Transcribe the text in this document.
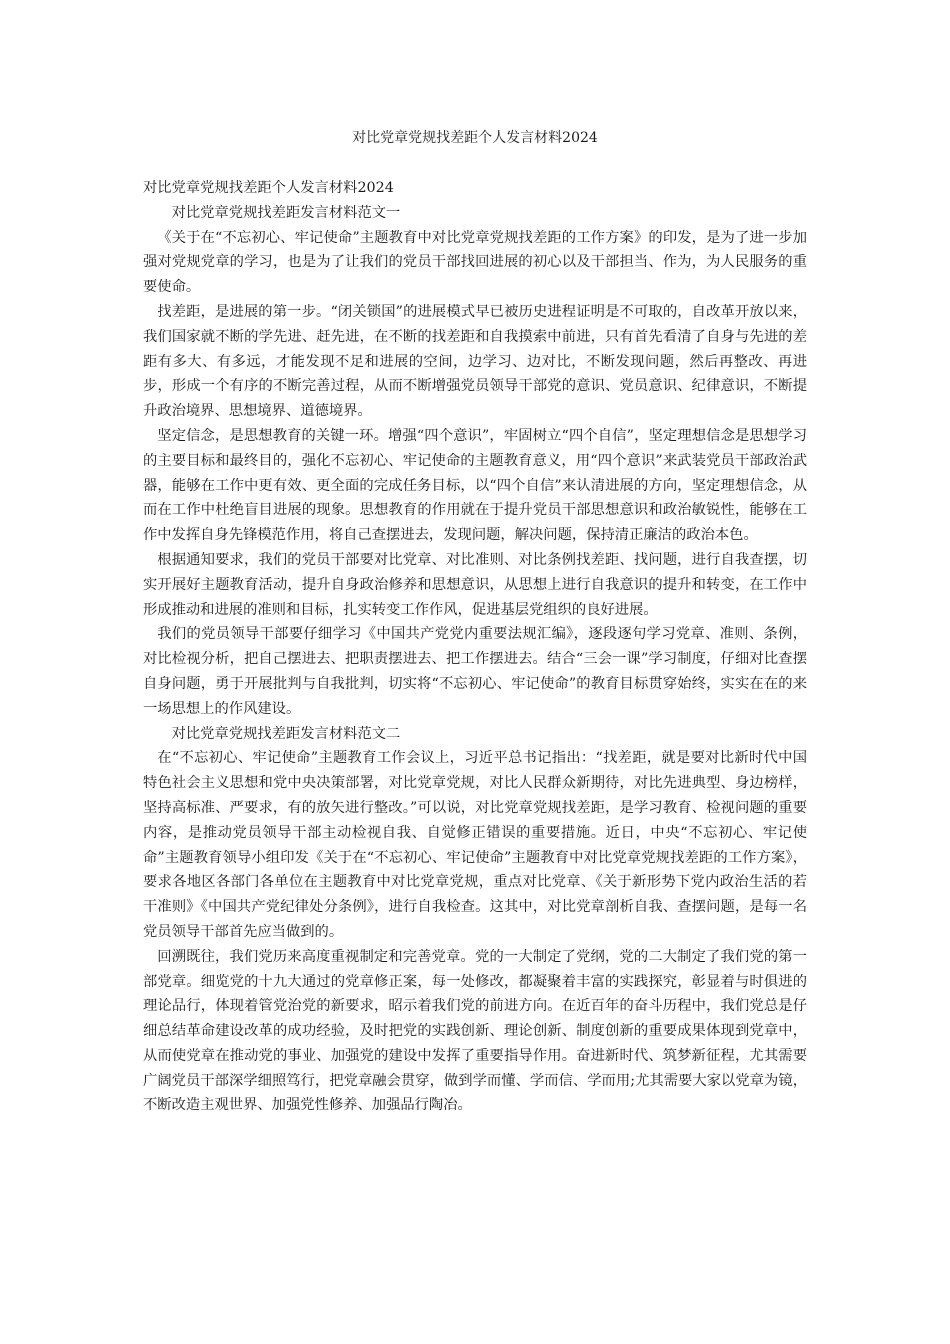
对比党章党规找差距个人发言材料2024

对比党章党规找差距个人发言材料2024

对比党章党规找差距发言材料范文一

《关于在“不忘初心、牢记使命”主题教育中对比党章党规找差距的工作方案》的印发，是为了进一步加强对党规党章的学习，也是为了让我们的党员干部找回进展的初心以及干部担当、作为，为人民服务的重要使命。

找差距，是进展的第一步。“闭关锁国”的进展模式早已被历史进程证明是不可取的，自改革开放以来，我们国家就不断的学先进、赶先进，在不断的找差距和自我摸索中前进，只有首先看清了自身与先进的差距有多大、有多远，才能发现不足和进展的空间，边学习、边对比，不断发现问题，然后再整改、再进步，形成一个有序的不断完善过程，从而不断增强党员领导干部党的意识、党员意识、纪律意识，不断提升政治境界、思想境界、道德境界。

坚定信念，是思想教育的关键一环。增强“四个意识”，牢固树立“四个自信”，坚定理想信念是思想学习的主要目标和最终目的，强化不忘初心、牢记使命的主题教育意义，用“四个意识”来武装党员干部政治武器，能够在工作中更有效、更全面的完成任务目标，以“四个自信”来认清进展的方向，坚定理想信念，从而在工作中杜绝盲目进展的现象。思想教育的作用就在于提升党员干部思想意识和政治敏锐性，能够在工作中发挥自身先锋模范作用，将自己查摆进去，发现问题，解决问题，保持清正廉洁的政治本色。

根据通知要求，我们的党员干部要对比党章、对比准则、对比条例找差距、找问题，进行自我查摆，切实开展好主题教育活动，提升自身政治修养和思想意识，从思想上进行自我意识的提升和转变，在工作中形成推动和进展的准则和目标，扎实转变工作作风，促进基层党组织的良好进展。

我们的党员领导干部要仔细学习《中国共产党党内重要法规汇编》，逐段逐句学习党章、准则、条例，对比检视分析，把自己摆进去、把职责摆进去、把工作摆进去。结合“三会一课”学习制度，仔细对比查摆自身问题，勇于开展批判与自我批判，切实将“不忘初心、牢记使命”的教育目标贯穿始终，实实在在的来一场思想上的作风建设。

对比党章党规找差距发言材料范文二

在“不忘初心、牢记使命”主题教育工作会议上，习近平总书记指出：“找差距，就是要对比新时代中国特色社会主义思想和党中央决策部署，对比党章党规，对比人民群众新期待，对比先进典型、身边榜样，坚持高标准、严要求，有的放矢进行整改。”可以说，对比党章党规找差距，是学习教育、检视问题的重要内容，是推动党员领导干部主动检视自我、自觉修正错误的重要措施。近日，中央“不忘初心、牢记使命”主题教育领导小组印发《关于在“不忘初心、牢记使命”主题教育中对比党章党规找差距的工作方案》，要求各地区各部门各单位在主题教育中对比党章党规，重点对比党章、《关于新形势下党内政治生活的若干准则》《中国共产党纪律处分条例》，进行自我检查。这其中，对比党章剖析自我、查摆问题，是每一名党员领导干部首先应当做到的。

回溯既往，我们党历来高度重视制定和完善党章。党的一大制定了党纲，党的二大制定了我们党的第一部党章。细览党的十九大通过的党章修正案，每一处修改，都凝聚着丰富的实践探究，彰显着与时俱进的理论品行，体现着管党治党的新要求，昭示着我们党的前进方向。在近百年的奋斗历程中，我们党总是仔细总结革命建设改革的成功经验，及时把党的实践创新、理论创新、制度创新的重要成果体现到党章中，从而使党章在推动党的事业、加强党的建设中发挥了重要指导作用。奋进新时代、筑梦新征程，尤其需要广阔党员干部深学细照笃行，把党章融会贯穿，做到学而懂、学而信、学而用;尤其需要大家以党章为镜，不断改造主观世界、加强党性修养、加强品行陶冶。
